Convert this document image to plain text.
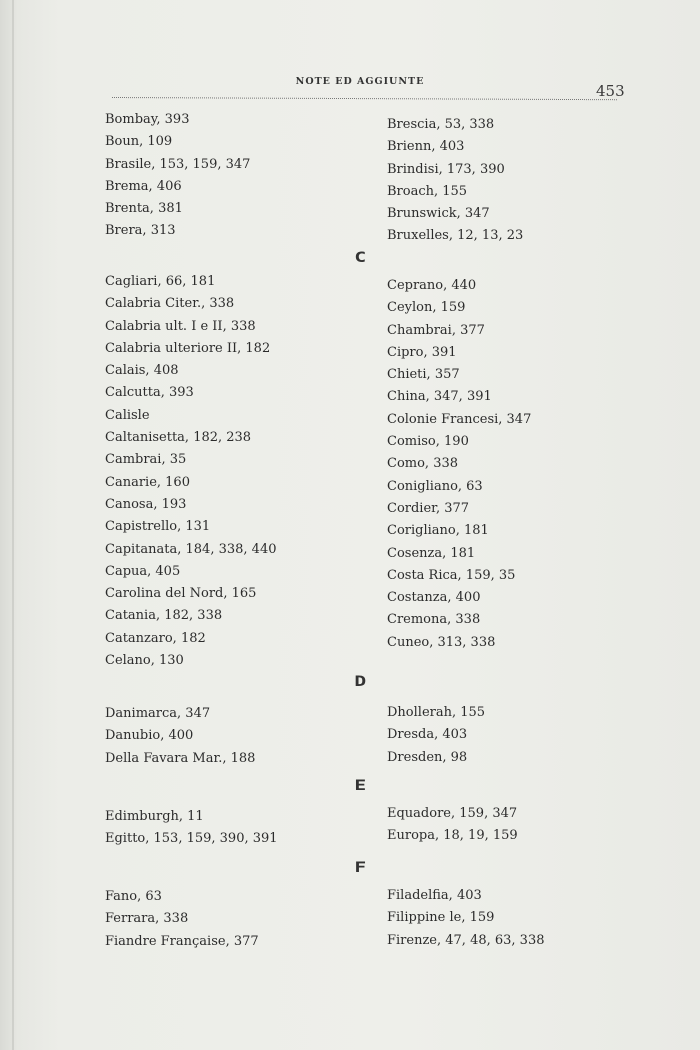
NOTE ED AGGIUNTE
453
Bombay, 393
Boun, 109
Brasile, 153, 159, 347
Brema, 406
Brenta, 381
Brera, 313
Brescia, 53, 338
Brienn, 403
Brindisi, 173, 390
Broach, 155
Brunswick, 347
Bruxelles, 12, 13, 23
C
Cagliari, 66, 181
Calabria Citer., 338
Calabria ult. I e II, 338
Calabria ulteriore II, 182
Calais, 408
Calcutta, 393
Calisle
Caltanisetta, 182, 238
Cambrai, 35
Canarie, 160
Canosa, 193
Capistrello, 131
Capitanata, 184, 338, 440
Capua, 405
Carolina del Nord, 165
Catania, 182, 338
Catanzaro, 182
Celano, 130
Ceprano, 440
Ceylon, 159
Chambrai, 377
Cipro, 391
Chieti, 357
China, 347, 391
Colonie Francesi, 347
Comiso, 190
Como, 338
Conigliano, 63
Cordier, 377
Corigliano, 181
Cosenza, 181
Costa Rica, 159, 35
Costanza, 400
Cremona, 338
Cuneo, 313, 338
D
Danimarca, 347
Danubio, 400
Della Favara Mar., 188
Dhollerah, 155
Dresda, 403
Dresden, 98
E
Edimburgh, 11
Egitto, 153, 159, 390, 391
Equadore, 159, 347
Europa, 18, 19, 159
F
Fano, 63
Ferrara, 338
Fiandre Française, 377
Filadelfia, 403
Filippine le, 159
Firenze, 47, 48, 63, 338
